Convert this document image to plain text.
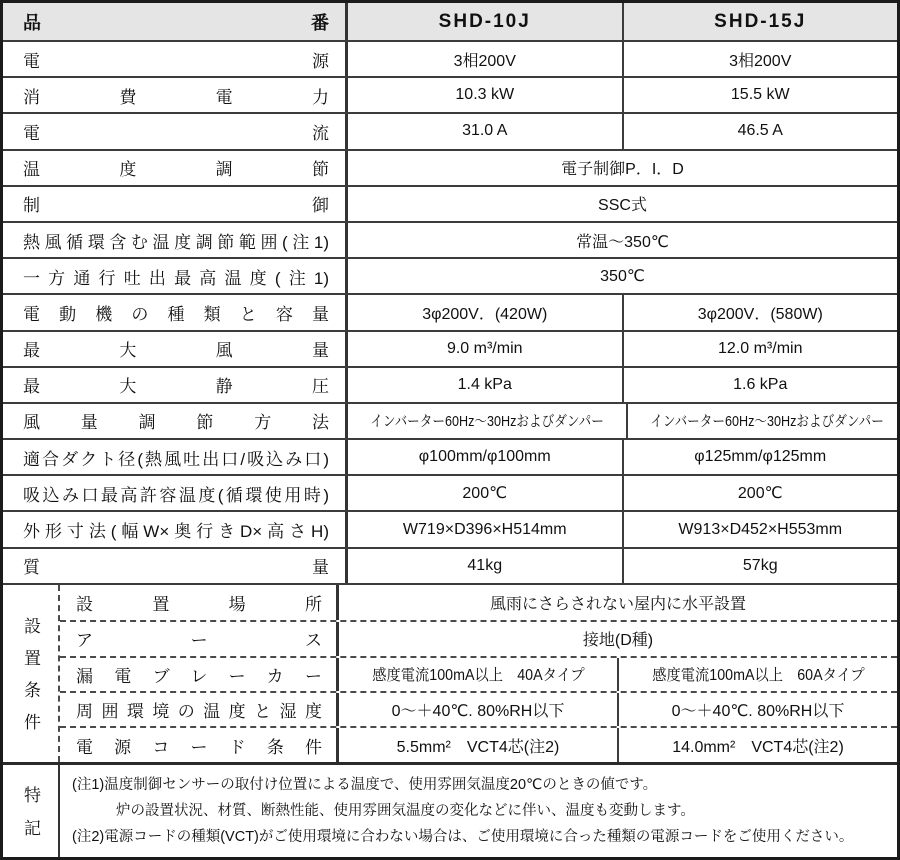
品番	SHD-10J	SHD-15J
電源	3相200V	3相200V
消費電力	10.3 kW	15.5 kW
電流	31.0 A	46.5 A
温度調節	電子制御P．I．D
制御	SSC式
熱風循環含む温度調節範囲(注1)	常温～350℃
一方通行吐出最高温度(注1)	350℃
電動機の種類と容量	3φ200V．(420W)	3φ200V．(580W)
最大風量	9.0 m³/min	12.0 m³/min
最大静圧	1.4 kPa	1.6 kPa
風量調節方法	インバーター60Hz～30Hzおよびダンパー	インバーター60Hz～30Hzおよびダンパー
適合ダクト径(熱風吐出口/吸込み口)	φ100mm/φ100mm	φ125mm/φ125mm
吸込み口最高許容温度(循環使用時)	200℃	200℃
外形寸法(幅W×奥行きD×高さH)	W719×D396×H514mm	W913×D452×H553mm
質量	41kg	57kg
設置条件
設置場所	風雨にさらされない屋内に水平設置
アース	接地(D種)
漏電ブレーカー	感度電流100mA以上　40Aタイプ	感度電流100mA以上　60Aタイプ
周囲環境の温度と湿度	0～＋40℃. 80%RH以下	0～＋40℃. 80%RH以下
電源コード条件	5.5mm²　VCT4芯(注2)	14.0mm²　VCT4芯(注2)
特記
(注1)温度制御センサーの取付け位置による温度で、使用雰囲気温度20℃のときの値です。
炉の設置状況、材質、断熱性能、使用雰囲気温度の変化などに伴い、温度も変動します。
(注2)電源コードの種類(VCT)がご使用環境に合わない場合は、ご使用環境に合った種類の電源コードをご使用ください。
